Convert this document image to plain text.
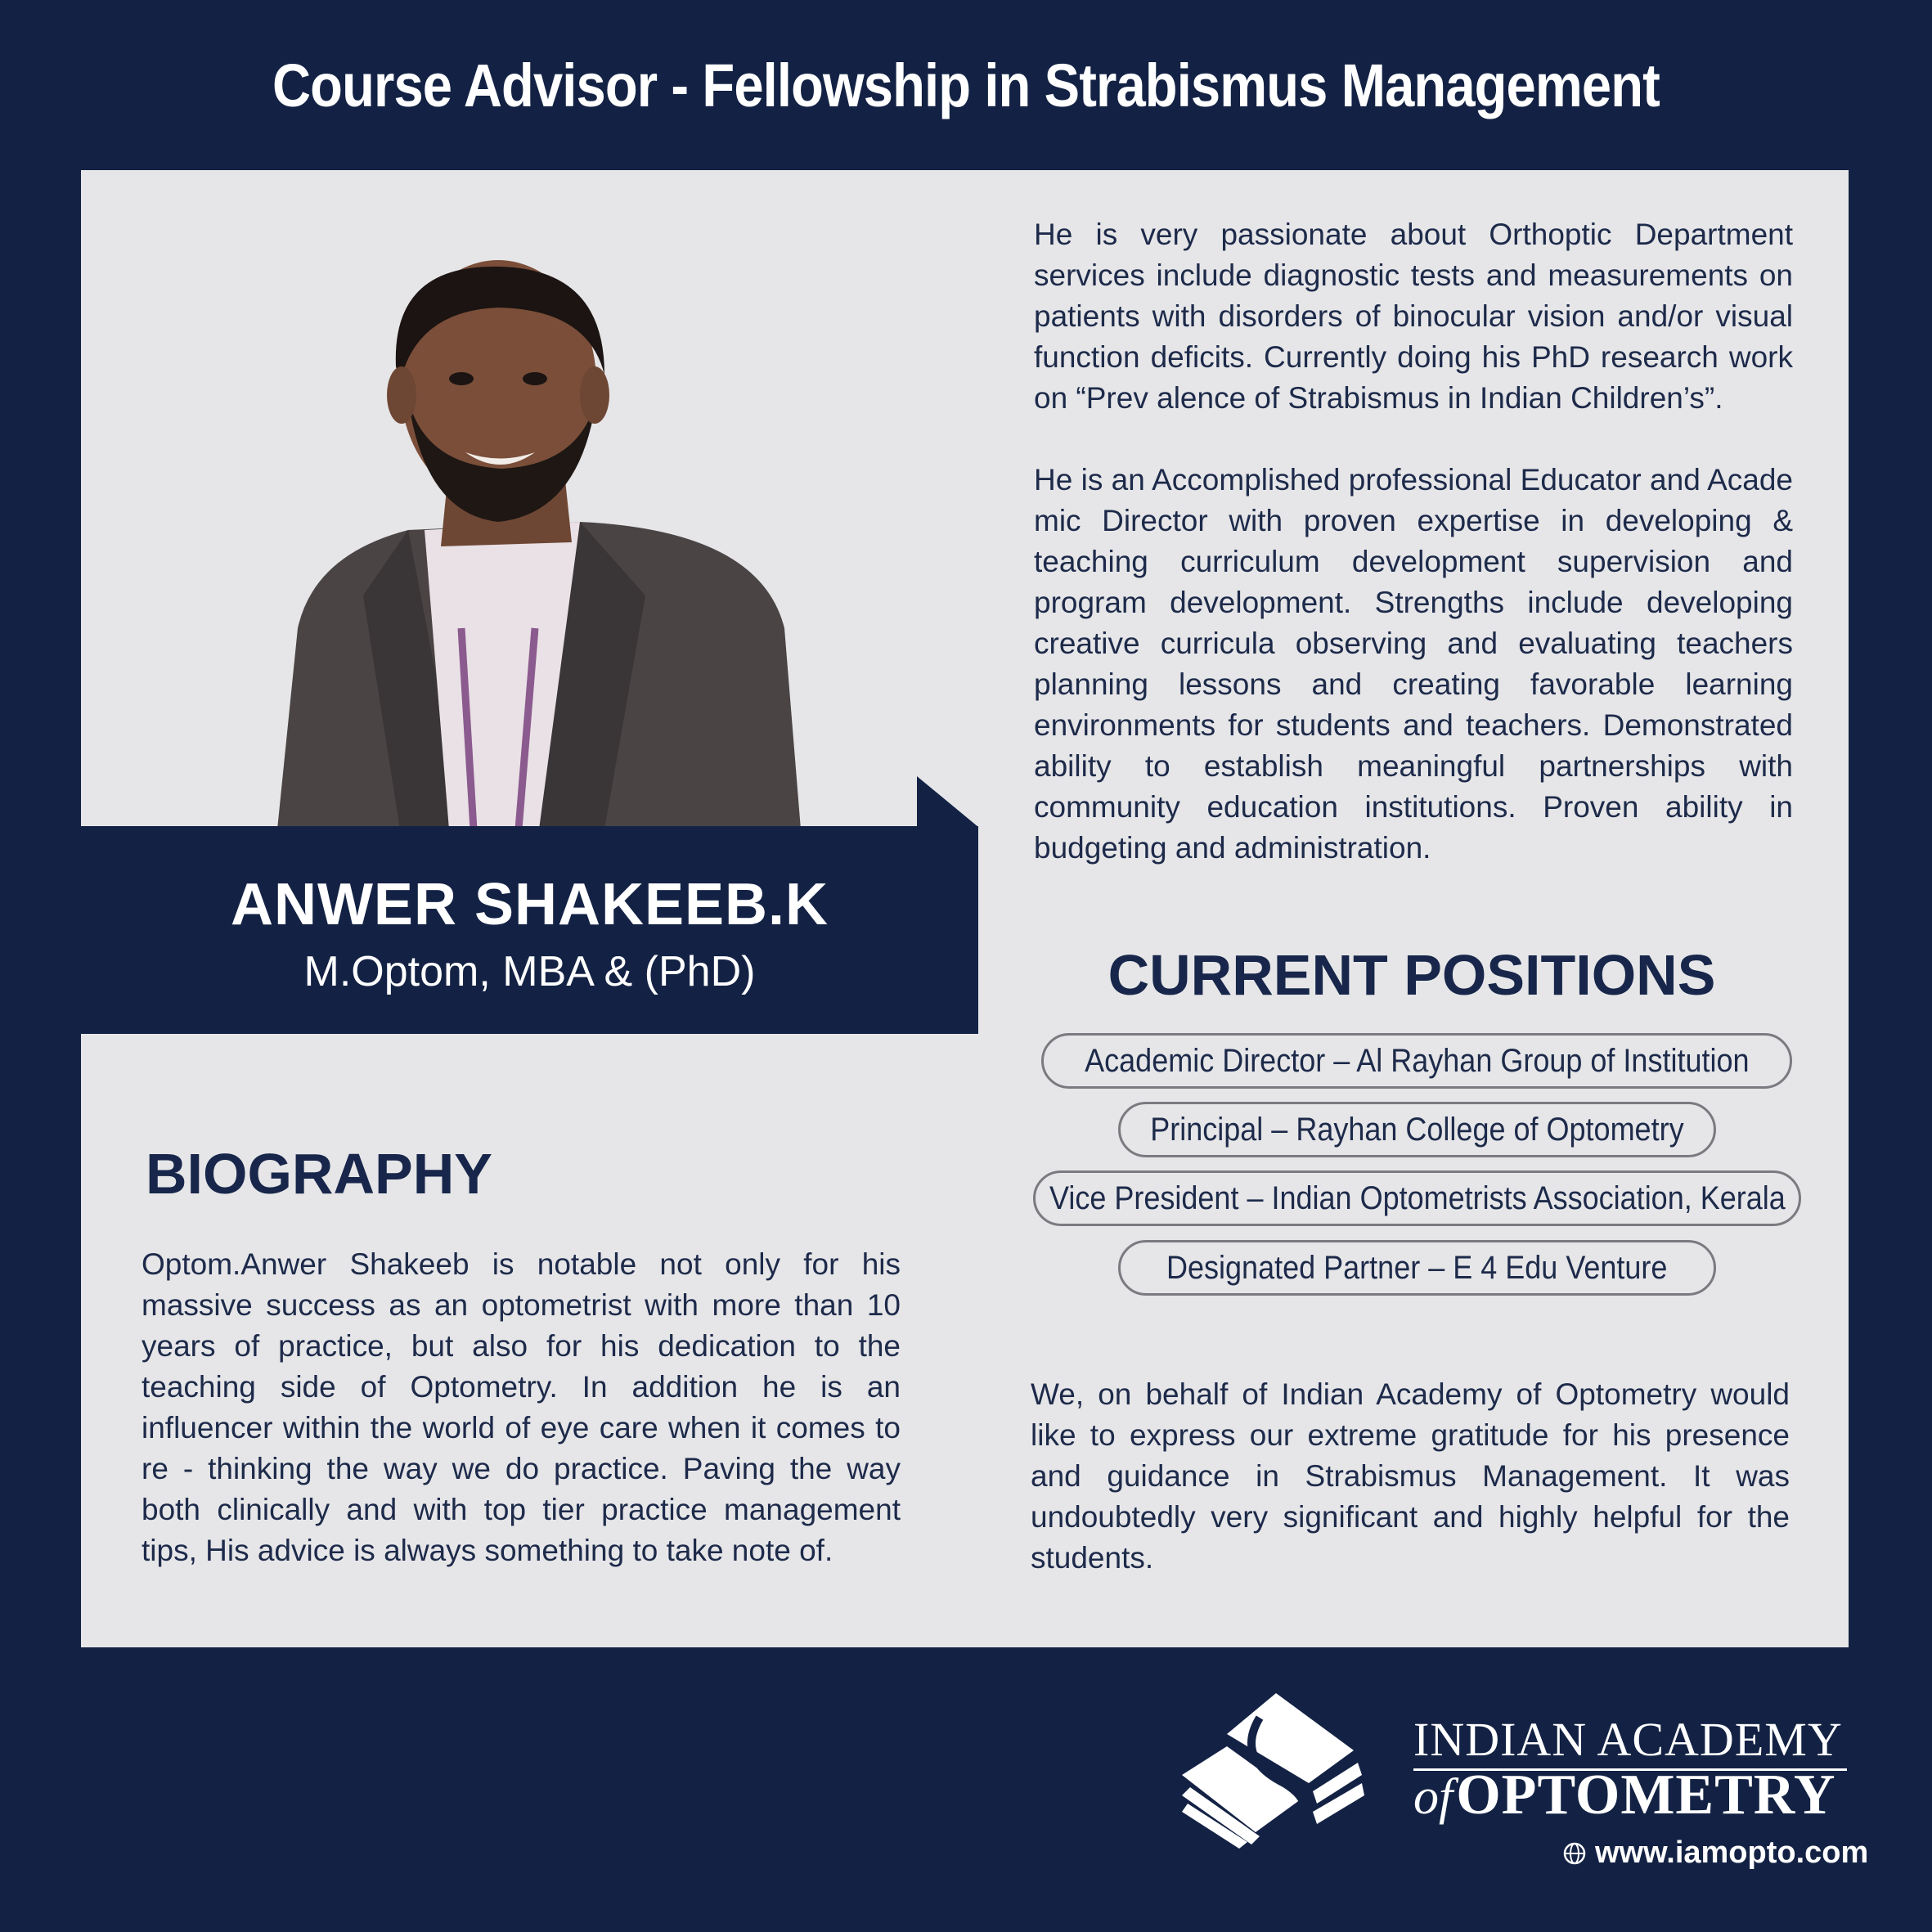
Course Advisor - Fellowship in Strabismus Management
ANWER SHAKEEB.K
M.Optom, MBA & (PhD)
He is very passionate about Orthoptic Department services include diagnostic tests and measurements on patients with disorders of binocular vision and/or visual function deficits. Currently doing his PhD research work on “Prev alence of Strabismus in Indian Children’s”.
He is an Accomplished professional Educator and Acade mic Director with proven expertise in developing & teaching curriculum development supervision and program development. Strengths include developing creative curricula observing and evaluating teachers planning lessons and creating favorable learning environments for students and teachers. Demonstrated ability to establish meaningful partnerships with community education institutions. Proven ability in budgeting and administration.
BIOGRAPHY
Optom.Anwer Shakeeb is notable not only for his massive success as an optometrist with more than 10 years of practice, but also for his dedication to the teaching side of Optometry. In addition he is an influencer within the world of eye care when it comes to re - thinking the way we do practice. Paving the way both clinically and with top tier practice management tips, His advice is always something to take note of.
CURRENT POSITIONS
Academic Director – Al Rayhan Group of Institution
Principal – Rayhan College of Optometry
Vice President – Indian Optometrists Association, Kerala
Designated Partner – E 4 Edu Venture
We, on behalf of Indian Academy of Optometry would like to express our extreme gratitude for his presence and guidance in Strabismus Management. It was undoubtedly very significant and highly helpful for the students.
INDIAN ACADEMY
of OPTOMETRY
www.iamopto.com
